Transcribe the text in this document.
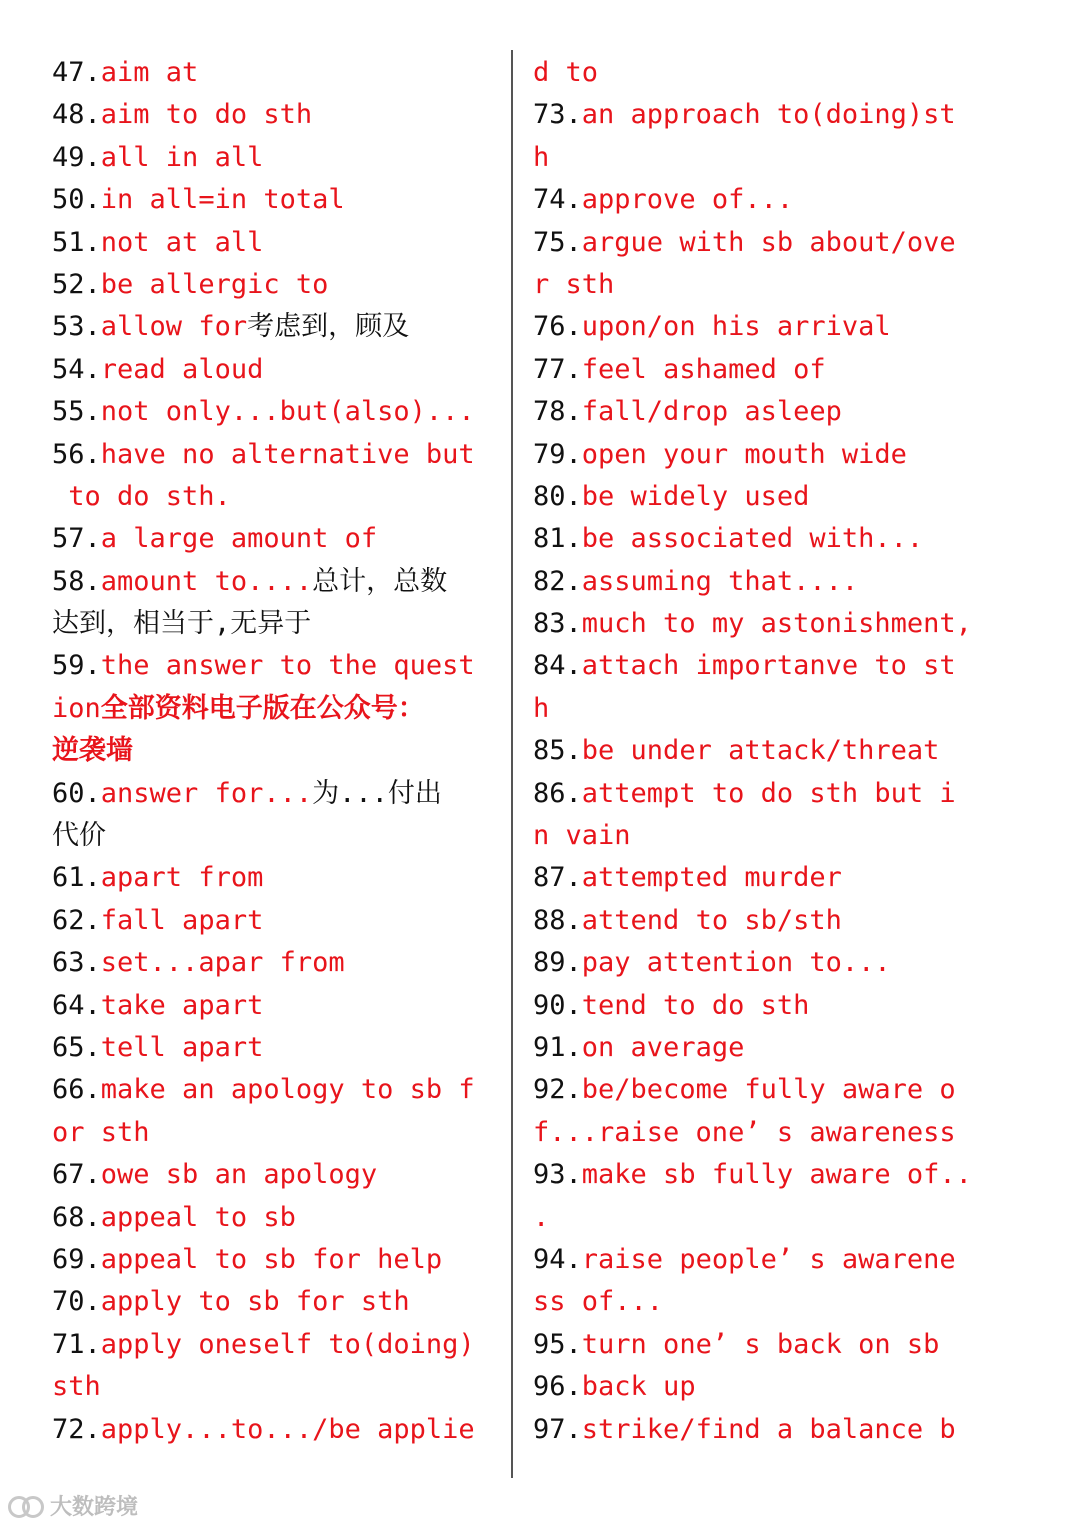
47.aim at
48.aim to do sth
49.all in all
50.in all=in total
51.not at all
52.be allergic to
53.allow for考虑到，顾及
54.read aloud
55.not only...but(also)...
56.have no alternative but
to do sth.
57.a large amount of
58.amount to....总计，总数
达到，相当于,无异于
59.the answer to the quest
ion全部资料电子版在公众号：
逆袭墙
60.answer for...为...付出
代价
61.apart from
62.fall apart
63.set...apar from
64.take apart
65.tell apart
66.make an apology to sb f
or sth
67.owe sb an apology
68.appeal to sb
69.appeal to sb for help
70.apply to sb for sth
71.apply oneself to(doing)
sth
72.apply...to.../be applie
d to
73.an approach to(doing)st
h
74.approve of...
75.argue with sb about/ove
r sth
76.upon/on his arrival
77.feel ashamed of
78.fall/drop asleep
79.open your mouth wide
80.be widely used
81.be associated with...
82.assuming that....
83.much to my astonishment,
84.attach importanve to st
h
85.be under attack/threat
86.attempt to do sth but i
n vain
87.attempted murder
88.attend to sb/sth
89.pay attention to...
90.tend to do sth
91.on average
92.be/become fully aware o
f...raise one’ s awareness
93.make sb fully aware of..
.
94.raise people’ s awarene
ss of...
95.turn one’ s back on sb
96.back up
97.strike/find a balance b
大数跨境
